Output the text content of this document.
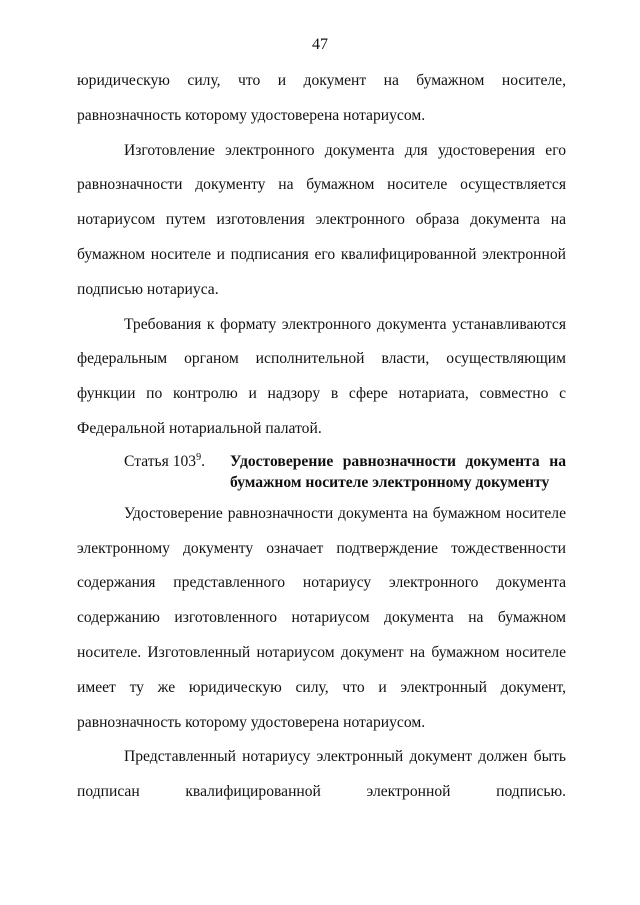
47

юридическую силу, что и документ на бумажном носителе, равнозначность которому удостоверена нотариусом.

Изготовление электронного документа для удостоверения его равнозначности документу на бумажном носителе осуществляется нотариусом путем изготовления электронного образа документа на бумажном носителе и подписания его квалифицированной электронной подписью нотариуса.

Требования к формату электронного документа устанавливаются федеральным органом исполнительной власти, осуществляющим функции по контролю и надзору в сфере нотариата, совместно с Федеральной нотариальной палатой.

Статья $103^9$.	Удостоверение равнозначности документа на бумажном носителе электронному документу

Удостоверение равнозначности документа на бумажном носителе электронному документу означает подтверждение тождественности содержания представленного нотариусу электронного документа содержанию изготовленного нотариусом документа на бумажном носителе. Изготовленный нотариусом документ на бумажном носителе имеет ту же юридическую силу, что и электронный документ, равнозначность которому удостоверена нотариусом.

Представленный нотариусу электронный документ должен быть подписан квалифицированной электронной подписью.
